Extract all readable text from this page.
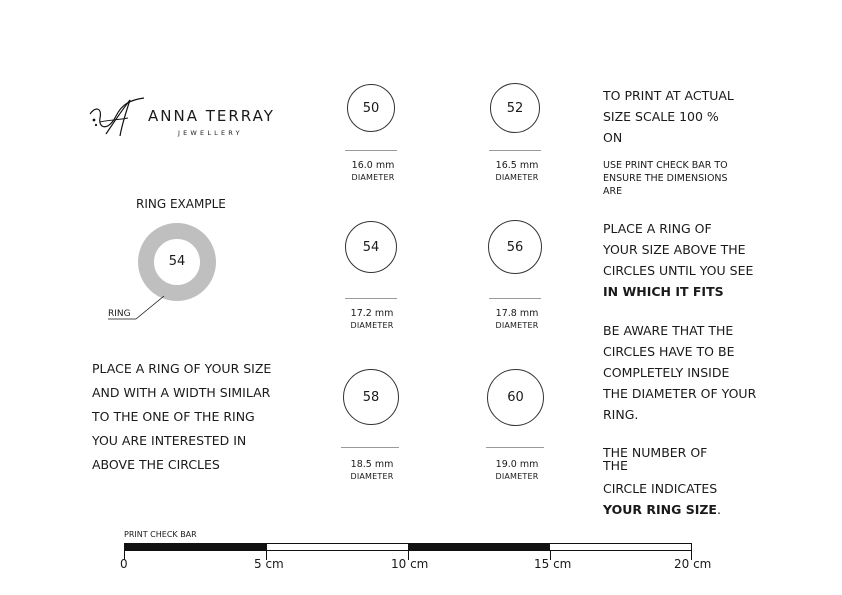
ANNA TERRAY
JEWELLERY
RING EXAMPLE
54
RING
PLACE A RING OF YOUR SIZE
AND WITH A WIDTH SIMILAR
TO THE ONE OF THE RING
YOU ARE INTERESTED IN
ABOVE THE CIRCLES
50
16.0 mm
DIAMETER
52
16.5 mm
DIAMETER
54
17.2 mm
DIAMETER
56
17.8 mm
DIAMETER
58
18.5 mm
DIAMETER
60
19.0 mm
DIAMETER
TO PRINT AT ACTUAL
SIZE SCALE 100 %
ON
USE PRINT CHECK BAR TO
ENSURE THE DIMENSIONS
ARE
PLACE A RING OF
YOUR SIZE ABOVE THE
CIRCLES UNTIL YOU SEE
IN WHICH IT FITS
BE AWARE THAT THE
CIRCLES HAVE TO BE
COMPLETELY INSIDE
THE DIAMETER OF YOUR
RING.
THE NUMBER OF
THE
CIRCLE INDICATES
YOUR RING SIZE.
PRINT CHECK BAR
0	5 cm	10 cm	15 cm	20 cm
